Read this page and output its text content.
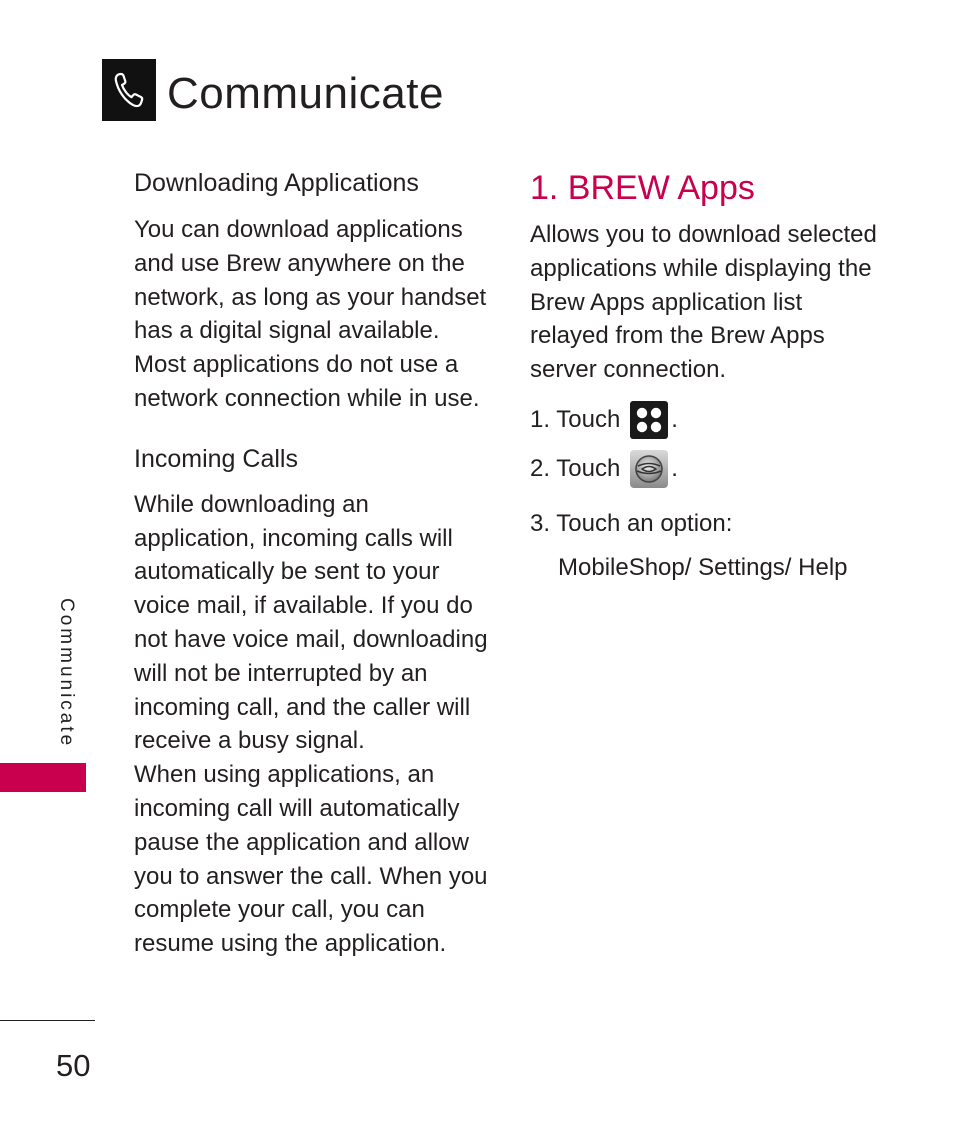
Communicate
Downloading Applications

You can download applications
and use Brew anywhere on the
network, as long as your handset
has a digital signal available.
Most applications do not use a
network connection while in use.

Incoming Calls

While downloading an
application, incoming calls will
automatically be sent to your
voice mail, if available. If you do
not have voice mail, downloading
will not be interrupted by an
incoming call, and the caller will
receive a busy signal.
When using applications, an
incoming call will automatically
pause the application and allow
you to answer the call. When you
complete your call, you can
resume using the application.

1. BREW Apps

Allows you to download selected
applications while displaying the
Brew Apps application list
relayed from the Brew Apps
server connection.

1. Touch .
2. Touch .
3. Touch an option:
MobileShop/ Settings/ Help
Communicate
50
